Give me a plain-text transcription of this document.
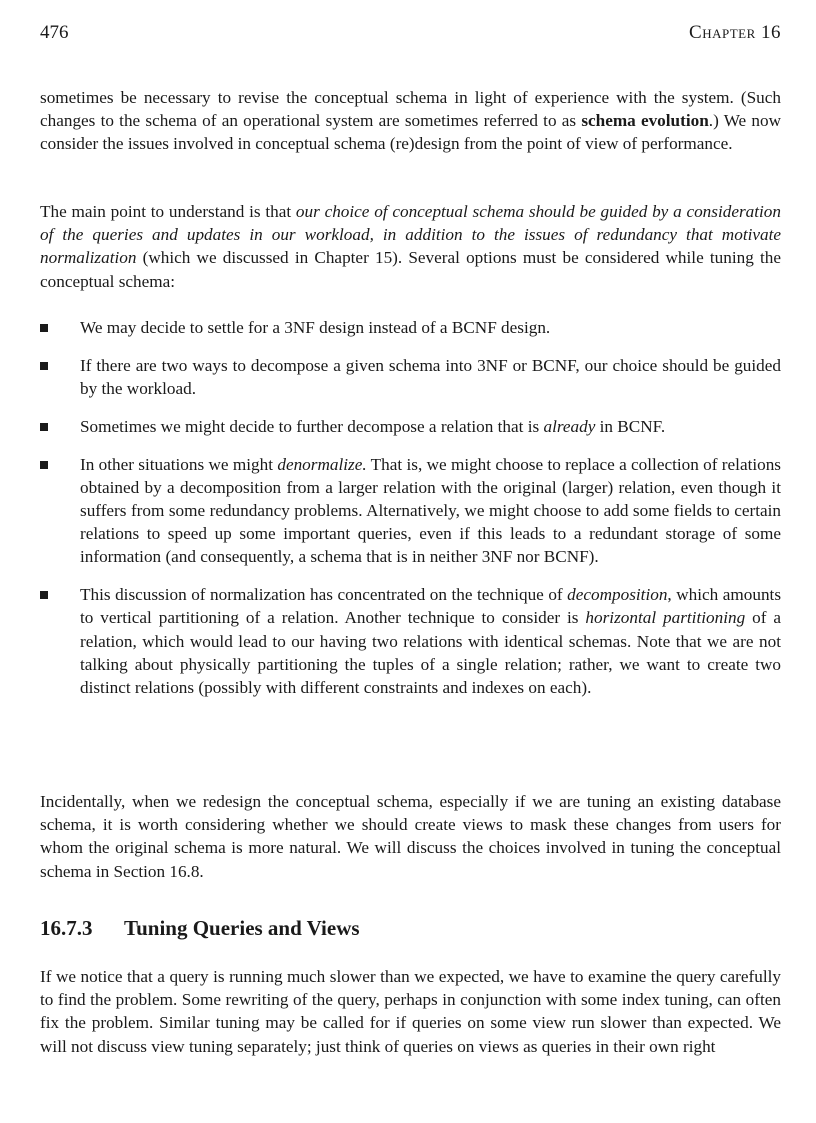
476	Chapter 16

sometimes be necessary to revise the conceptual schema in light of experience with the system. (Such changes to the schema of an operational system are sometimes referred to as schema evolution.) We now consider the issues involved in conceptual schema (re)design from the point of view of performance.

The main point to understand is that our choice of conceptual schema should be guided by a consideration of the queries and updates in our workload, in addition to the issues of redundancy that motivate normalization (which we discussed in Chapter 15). Several options must be considered while tuning the conceptual schema:

We may decide to settle for a 3NF design instead of a BCNF design.
If there are two ways to decompose a given schema into 3NF or BCNF, our choice should be guided by the workload.
Sometimes we might decide to further decompose a relation that is already in BCNF.
In other situations we might denormalize. That is, we might choose to replace a collection of relations obtained by a decomposition from a larger relation with the original (larger) relation, even though it suffers from some redundancy problems. Alternatively, we might choose to add some fields to certain relations to speed up some important queries, even if this leads to a redundant storage of some information (and consequently, a schema that is in neither 3NF nor BCNF).
This discussion of normalization has concentrated on the technique of decomposition, which amounts to vertical partitioning of a relation. Another technique to consider is horizontal partitioning of a relation, which would lead to our having two relations with identical schemas. Note that we are not talking about physically partitioning the tuples of a single relation; rather, we want to create two distinct relations (possibly with different constraints and indexes on each).

Incidentally, when we redesign the conceptual schema, especially if we are tuning an existing database schema, it is worth considering whether we should create views to mask these changes from users for whom the original schema is more natural. We will discuss the choices involved in tuning the conceptual schema in Section 16.8.

16.7.3 Tuning Queries and Views

If we notice that a query is running much slower than we expected, we have to examine the query carefully to find the problem. Some rewriting of the query, perhaps in conjunction with some index tuning, can often fix the problem. Similar tuning may be called for if queries on some view run slower than expected. We will not discuss view tuning separately; just think of queries on views as queries in their own right
